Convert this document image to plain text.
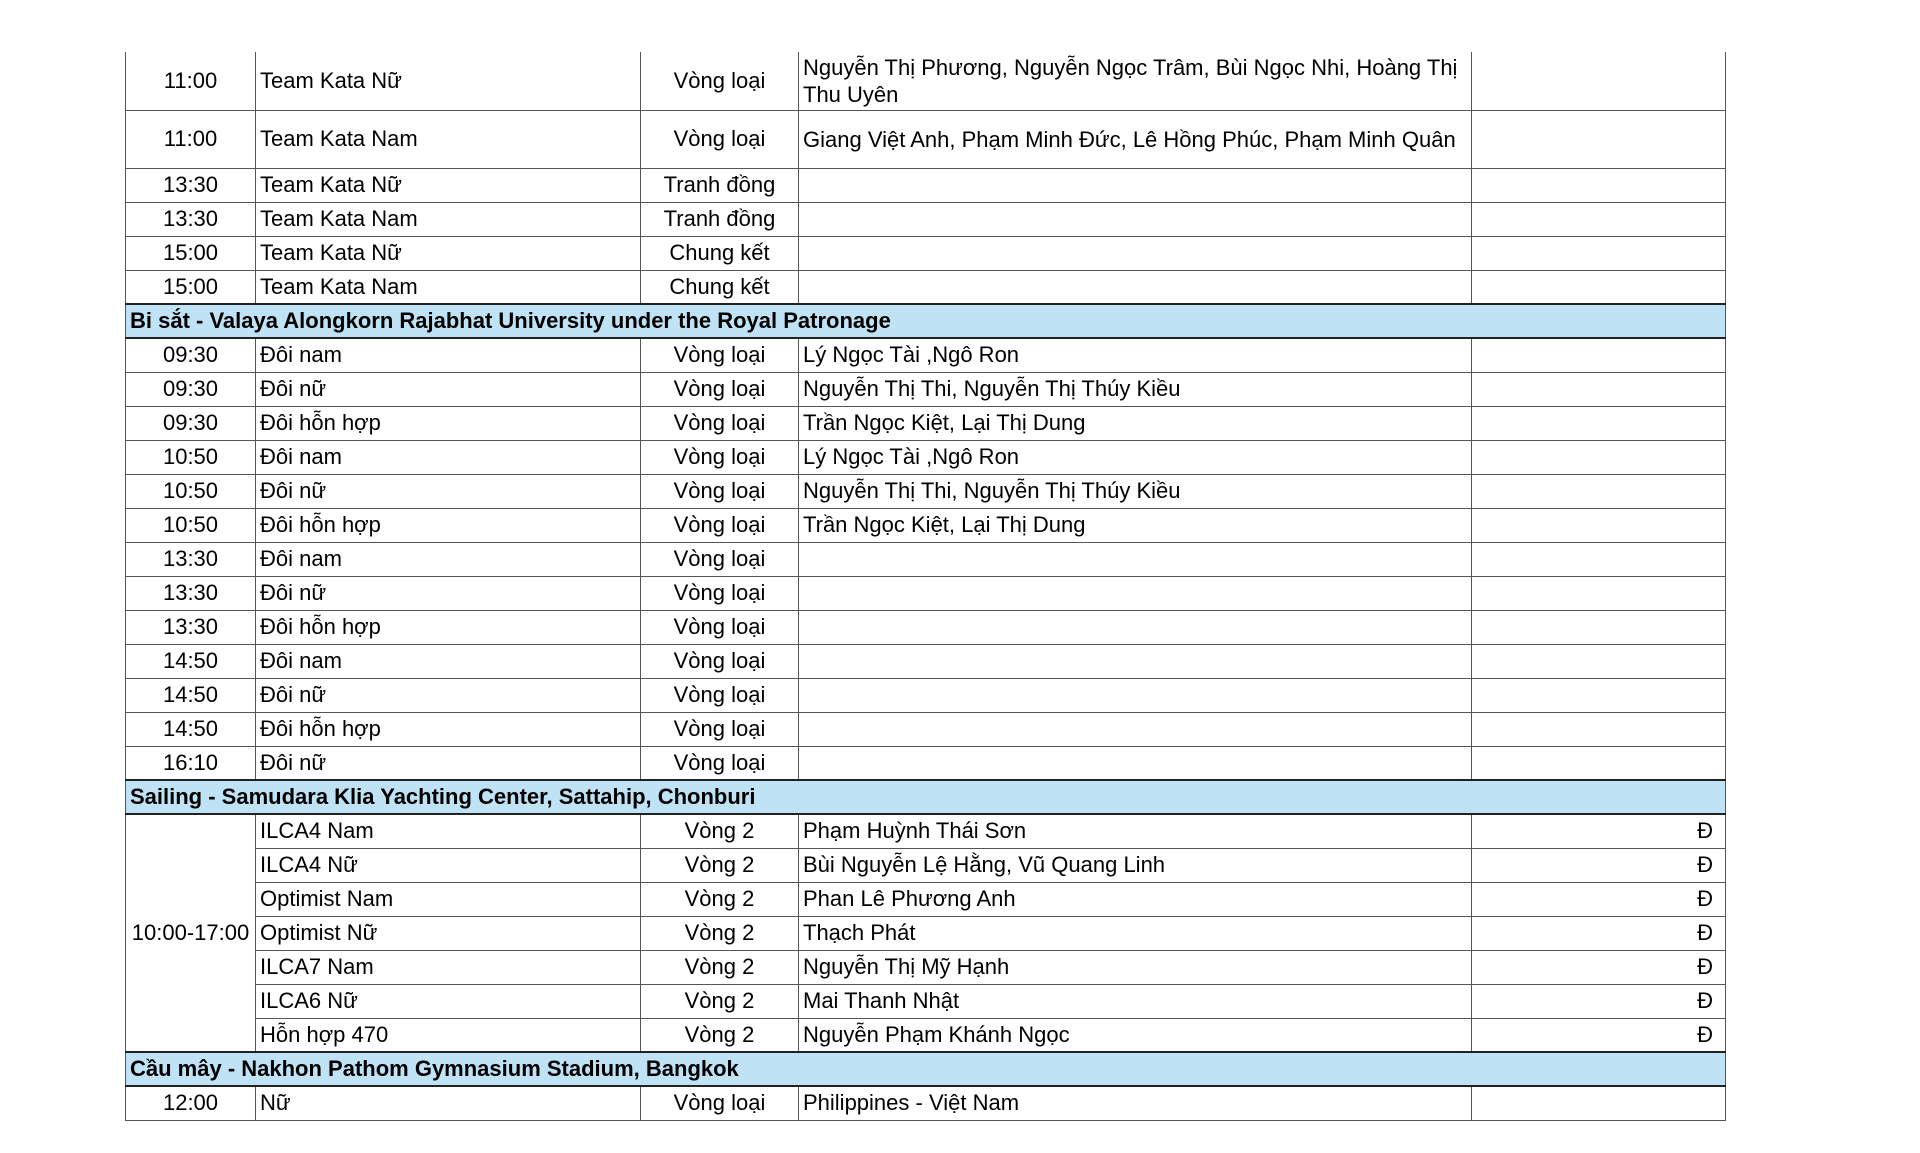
11:00	Team Kata Nữ	Vòng loại	Nguyễn Thị Phương, Nguyễn Ngọc Trâm, Bùi Ngọc Nhi, Hoàng Thị Thu Uyên	
11:00	Team Kata Nam	Vòng loại	Giang Việt Anh, Phạm Minh Đức, Lê Hồng Phúc, Phạm Minh Quân	
13:30	Team Kata Nữ	Tranh đồng		
13:30	Team Kata Nam	Tranh đồng		
15:00	Team Kata Nữ	Chung kết		
15:00	Team Kata Nam	Chung kết		
Bi sắt - Valaya Alongkorn Rajabhat University under the Royal Patronage				
09:30	Đôi nam	Vòng loại	Lý Ngọc Tài ,Ngô Ron	
09:30	Đôi nữ	Vòng loại	Nguyễn Thị Thi, Nguyễn Thị Thúy Kiều	
09:30	Đôi hỗn hợp	Vòng loại	Trần Ngọc Kiệt, Lại Thị Dung	
10:50	Đôi nam	Vòng loại	Lý Ngọc Tài ,Ngô Ron	
10:50	Đôi nữ	Vòng loại	Nguyễn Thị Thi, Nguyễn Thị Thúy Kiều	
10:50	Đôi hỗn hợp	Vòng loại	Trần Ngọc Kiệt, Lại Thị Dung	
13:30	Đôi nam	Vòng loại		
13:30	Đôi nữ	Vòng loại		
13:30	Đôi hỗn hợp	Vòng loại		
14:50	Đôi nam	Vòng loại		
14:50	Đôi nữ	Vòng loại		
14:50	Đôi hỗn hợp	Vòng loại		
16:10	Đôi nữ	Vòng loại		
Sailing - Samudara Klia Yachting Center, Sattahip, Chonburi				
10:00-17:00	ILCA4 Nam	Vòng 2	Phạm Huỳnh Thái Sơn	Đ
	ILCA4 Nữ	Vòng 2	Bùi Nguyễn Lệ Hằng, Vũ Quang Linh	Đ
	Optimist Nam	Vòng 2	Phan Lê Phương Anh	Đ
	Optimist Nữ	Vòng 2	Thạch Phát	Đ
	ILCA7 Nam	Vòng 2	Nguyễn Thị Mỹ Hạnh	Đ
	ILCA6 Nữ	Vòng 2	Mai Thanh Nhật	Đ
	Hỗn hợp 470	Vòng 2	Nguyễn Phạm Khánh Ngọc	Đ
Cầu mây - Nakhon Pathom Gymnasium Stadium, Bangkok				
12:00	Nữ	Vòng loại	Philippines - Việt Nam	
